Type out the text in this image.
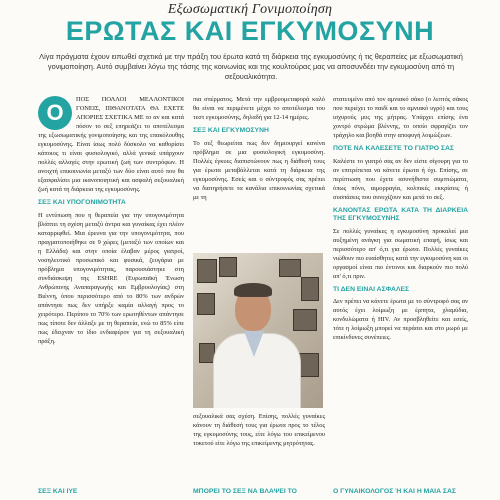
Εξωσωματική Γονιμοποίηση
ΕΡΩΤΑΣ ΚΑΙ ΕΓΚΥΜΟΣΥΝΗ
Λίγα πράγματα έχουν ειπωθεί σχετικά με την πράξη του έρωτα κατά τη διάρκεια της εγκυμοσύνης ή τις θεραπείες με εξωσωματική γονιμοποίηση. Αυτό συμβαίνει λόγω της τάσης της κοινωνίας και της κουλτούρας μας να αποσυνδέει την εγκυμοσύνη από τη σεξουαλικότητα.

Ο
ΠΟΣ ΠΟΛΛΟΙ ΜΕΛΛΟΝΤΙΚΟΙ ΓΟΝΕΙΣ, ΠΙΘΑΝΟΤΑΤΑ ΘΑ ΕΧΕΤΕ ΑΠΟΡΙΕΣ ΣΧΕΤΙΚΑ ΜΕ το αν και κατά πόσον το σεξ επηρεάζει το αποτέλεσμα της εξωσωματικής γονιμοποίησης και της επακόλουθης εγκυμοσύνης. Είναι ίσως πολύ δύσκολο να καθορίσει κάποιος τι είναι φυσιολογικό, αλλά γενικά υπάρχουν πολλές αλλαγές στην ερωτική ζωή των συντρόφων. Η ανοιχτή επικοινωνία μεταξύ των δύο είναι αυτό που θα εξασφαλίσει μια ικανοποιητική και ασφαλή σεξουαλική ζωή κατά τη διάρκεια της εγκυμοσύνης.

ΣΕΞ ΚΑΙ ΥΠΟΓΟΝΙΜΟΤΗΤΑ

Η εντύπωση που η θεραπεία για την υπογονιμότητα βλάπτει τη σχέση μεταξύ άντρα και γυναίκας έχει πλέον καταρριφθεί. Μια έρευνα για την υπογονιμότητα, που πραγματοποιήθηκε σε 9 χώρες (μεταξύ των οποίων και η Ελλάδα) και στην οποία έλαβαν μέρος γιατροί, νοσηλευτικό προσωπικό και φυσικά, ζευγάρια με πρόβλημα υπογονιμότητας, παρουσιάστηκε στη συνδιάσκεψη της ESHRE (Ευρωπαϊκή Ένωση Ανθρώπινης Αναπαραγωγής και Εμβρυολογίας) στη Βιέννη, όπου περισσότερο από το 80% των ανδρών απάντησε πως δεν υπήρξε καμία αλλαγή προς το χειρότερο. Περίπου το 70% των ερωτηθέντων απάντησε πως τίποτε δεν άλλαξε με τη θεραπεία, ενώ το 85% είπε πως έδειχναν το ίδιο ενδιαφέρον για τη σεξουαλική πράξη.

ΣΕΞ ΚΑΙ ΙΥΕ

πια σπέρματος. Μετά την εμβρυομεταφορά καλό θα είναι να περιμένετε μέχρι το αποτέλεσμα του τεστ εγκυμοσύνης, δηλαδή για 12-14 ημέρες.

ΣΕΞ ΚΑΙ ΕΓΚΥΜΟΣΥΝΗ

Το σεξ θεωρείται πως δεν δημιουργεί κανένα πρόβλημα σε μια φυσιολογική εγκυμοσύνη. Πολλές έγκυες διαπιστώνουν πως η διάθεσή τους για έρωτα μεταβάλλεται κατά τη διάρκεια της εγκυμοσύνης. Εσείς και ο σύντροφός σας πρέπει να διατηρήσετε τα κανάλια επικοινωνίας σχετικά με τη

σεξουαλικά σας σχέση. Επίσης, πολλές γυναίκες κάνουν τη διάθεσή τους για έρωτα προς το τέλος της εγκυμοσύνης τους, είτε λόγω του επικείμενου τοκετού είτε λόγω της επικείμενης μητρότητας.
ΜΠΟΡΕΙ ΤΟ ΣΕΞ ΝΑ ΒΛΑΨΕΙ ΤΟ

στατευμένο από τον αμνιακό σάκο (ο λεπτός σάκος που περιέχει το παιδί και το αμνιακό υγρό) και τους ισχυρούς μυς της μήτρας. Υπάρχει επίσης ένα χοντρό στρώμα βλέννης, το οποίο σφραγίζει τον τράχηλο και βοηθά στην αποφυγή λοιμώξεων.

ΠΟΤΕ ΝΑ ΚΑΛΕΣΕΤΕ ΤΟ ΓΙΑΤΡΟ ΣΑΣ

Καλέστε το γιατρό σας αν δεν είστε σίγουρη για το αν επιτρέπεται να κάνετε έρωτα ή όχι. Επίσης, σε περίπτωση που έχετε ασυνήθιστα συμπτώματα, όπως πόνο, αιμορραγία, κολπικές εκκρίσεις ή συσπάσεις που συνεχίζουν και μετά το σεξ.

ΚΑΝΟΝΤΑΣ ΕΡΩΤΑ ΚΑΤΑ ΤΗ ΔΙΑΡΚΕΙΑ ΤΗΣ ΕΓΚΥΜΟΣΥΝΗΣ

Σε πολλές γυναίκες η εγκυμοσύνη προκαλεί μια αυξημένη ανάγκη για σωματική επαφή, ίσως και περισσότερο απ' ό,τι για έρωτα. Πολλές γυναίκες νιώθουν πιο ευαίσθητες κατά την εγκυμοσύνη και οι οργασμοί είναι πιο έντονοι και διαρκούν πιο πολύ απ' ό,τι πριν.

ΤΙ ΔΕΝ ΕΙΝΑΙ ΑΣΦΑΛΕΣ

Δεν πρέπει να κάνετε έρωτα με το σύντροφό σας αν αυτός έχει λοίμωξη με έρπητα, χλαμύδια, κονδυλώματα ή HIV. Αν προσβληθείτε και εσείς, τότε η λοίμωξη μπορεί να περάσει και στο μωρό με επικίνδυνες συνέπειες.

Ο ΓΥΝΑΙΚΟΛΟΓΟΣ Ή ΚΑΙ Η ΜΑΙΑ ΣΑΣ
